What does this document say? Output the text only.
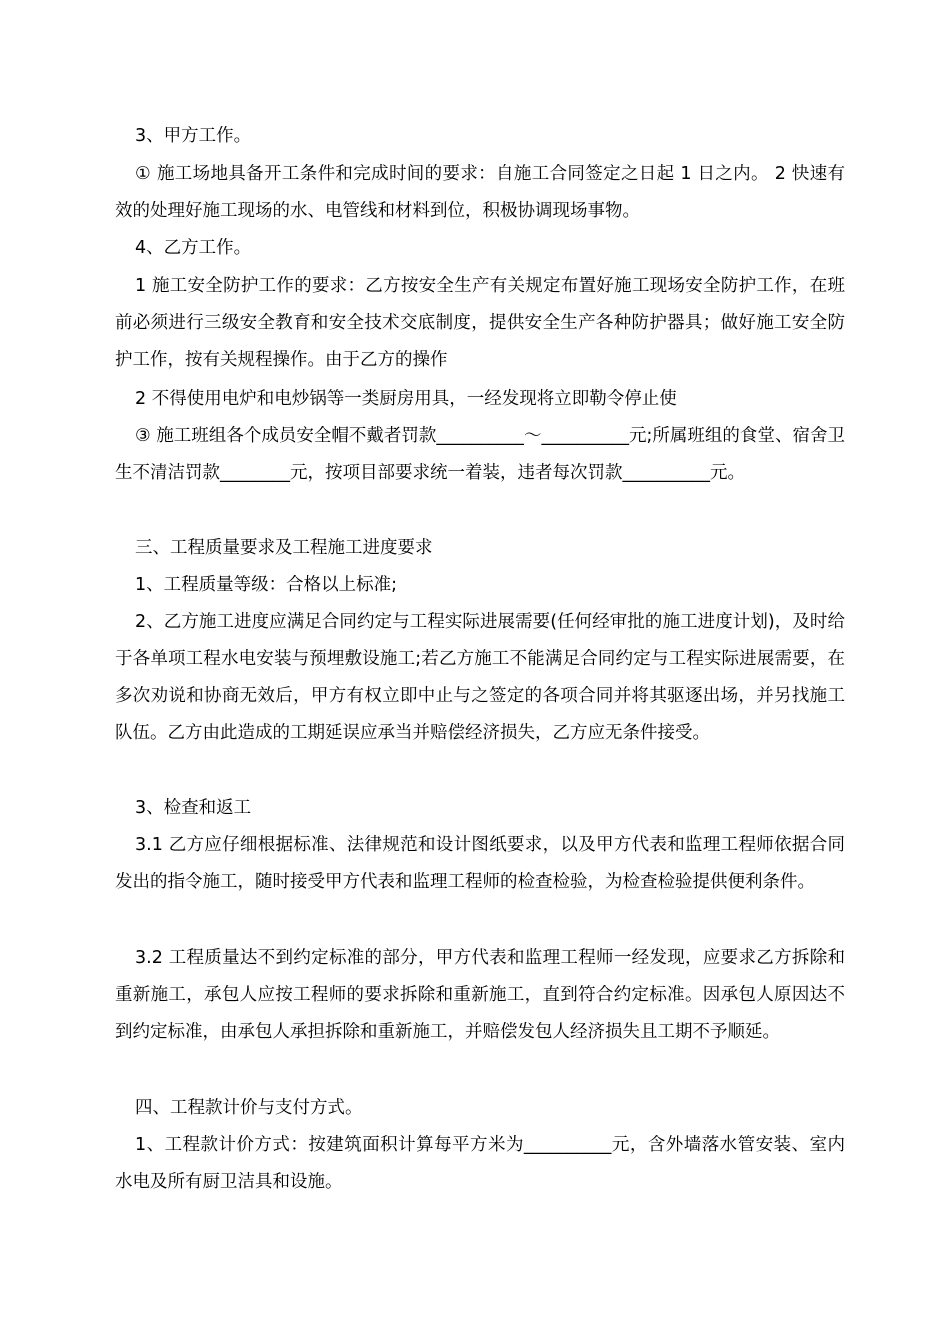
3、甲方工作。

① 施工场地具备开工条件和完成时间的要求：自施工合同签定之日起 1 日之内。 2 快速有效的处理好施工现场的水、电管线和材料到位，积极协调现场事物。

4、乙方工作。

1 施工安全防护工作的要求：乙方按安全生产有关规定布置好施工现场安全防护工作，在班前必须进行三级安全教育和安全技术交底制度，提供安全生产各种防护器具；做好施工安全防护工作，按有关规程操作。由于乙方的操作

2 不得使用电炉和电炒锅等一类厨房用具，一经发现将立即勒令停止使

③ 施工班组各个成员安全帽不戴者罚款__________～__________元;所属班组的食堂、宿舍卫生不清洁罚款________元，按项目部要求统一着装，违者每次罚款__________元。

三、工程质量要求及工程施工进度要求

1、工程质量等级：合格以上标准;

2、乙方施工进度应满足合同约定与工程实际进展需要(任何经审批的施工进度计划)，及时给于各单项工程水电安装与预埋敷设施工;若乙方施工不能满足合同约定与工程实际进展需要，在多次劝说和协商无效后，甲方有权立即中止与之签定的各项合同并将其驱逐出场，并另找施工队伍。乙方由此造成的工期延误应承当并赔偿经济损失，乙方应无条件接受。

3、检查和返工

3.1 乙方应仔细根据标准、法律规范和设计图纸要求，以及甲方代表和监理工程师依据合同发出的指令施工，随时接受甲方代表和监理工程师的检查检验，为检查检验提供便利条件。

3.2 工程质量达不到约定标准的部分，甲方代表和监理工程师一经发现，应要求乙方拆除和重新施工，承包人应按工程师的要求拆除和重新施工，直到符合约定标准。因承包人原因达不到约定标准，由承包人承担拆除和重新施工，并赔偿发包人经济损失且工期不予顺延。

四、工程款计价与支付方式。

1、工程款计价方式：按建筑面积计算每平方米为__________元，含外墙落水管安装、室内水电及所有厨卫洁具和设施。
